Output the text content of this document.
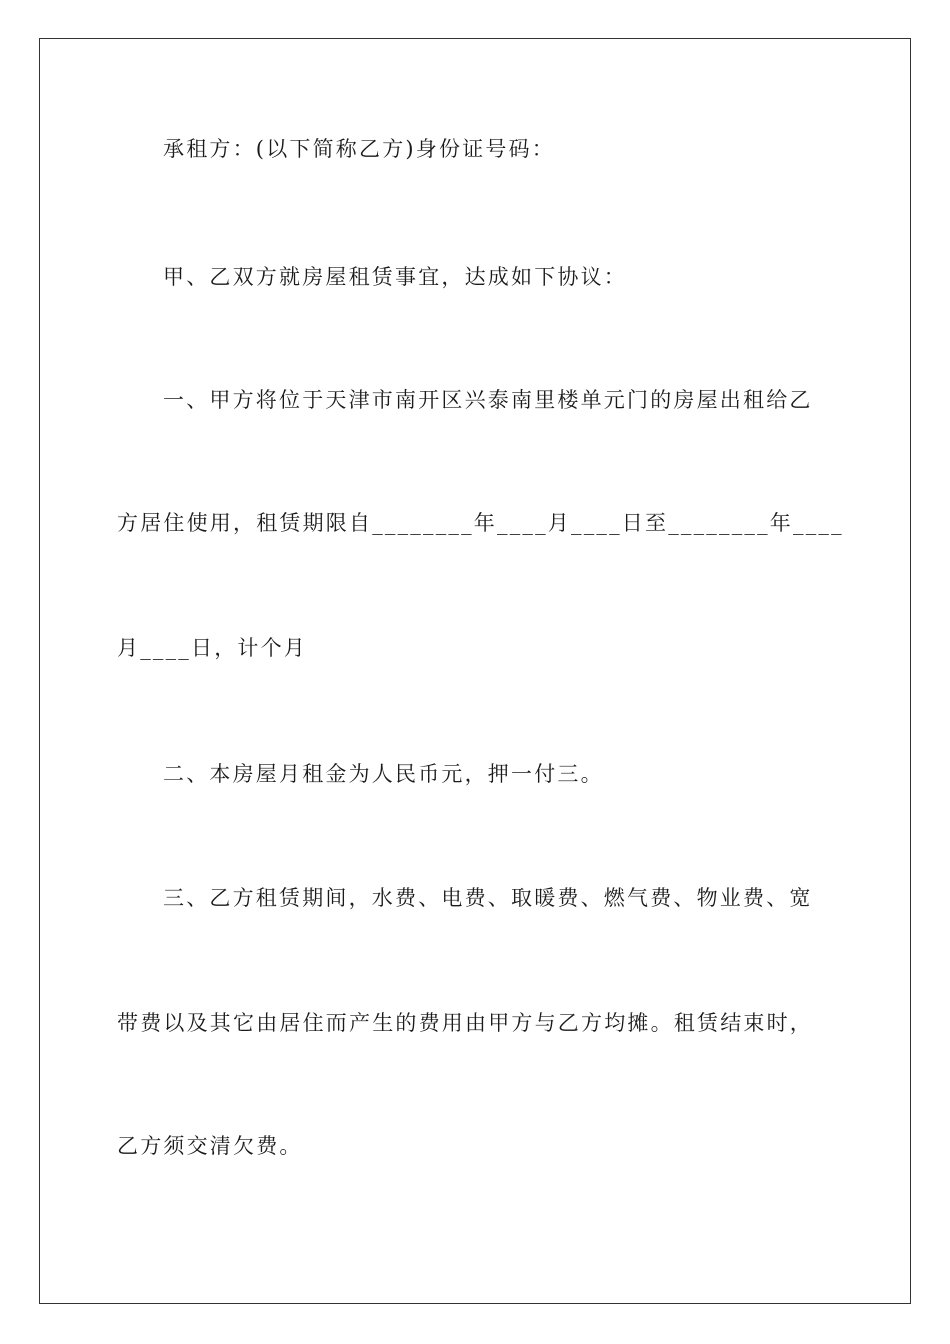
承租方：(以下简称乙方)身份证号码：
甲、乙双方就房屋租赁事宜，达成如下协议：
一、甲方将位于天津市南开区兴泰南里楼单元门的房屋出租给乙
方居住使用，租赁期限自________年____月____日至________年____
月____日，计个月
二、本房屋月租金为人民币元，押一付三。
三、乙方租赁期间，水费、电费、取暖费、燃气费、物业费、宽
带费以及其它由居住而产生的费用由甲方与乙方均摊。租赁结束时，
乙方须交清欠费。
